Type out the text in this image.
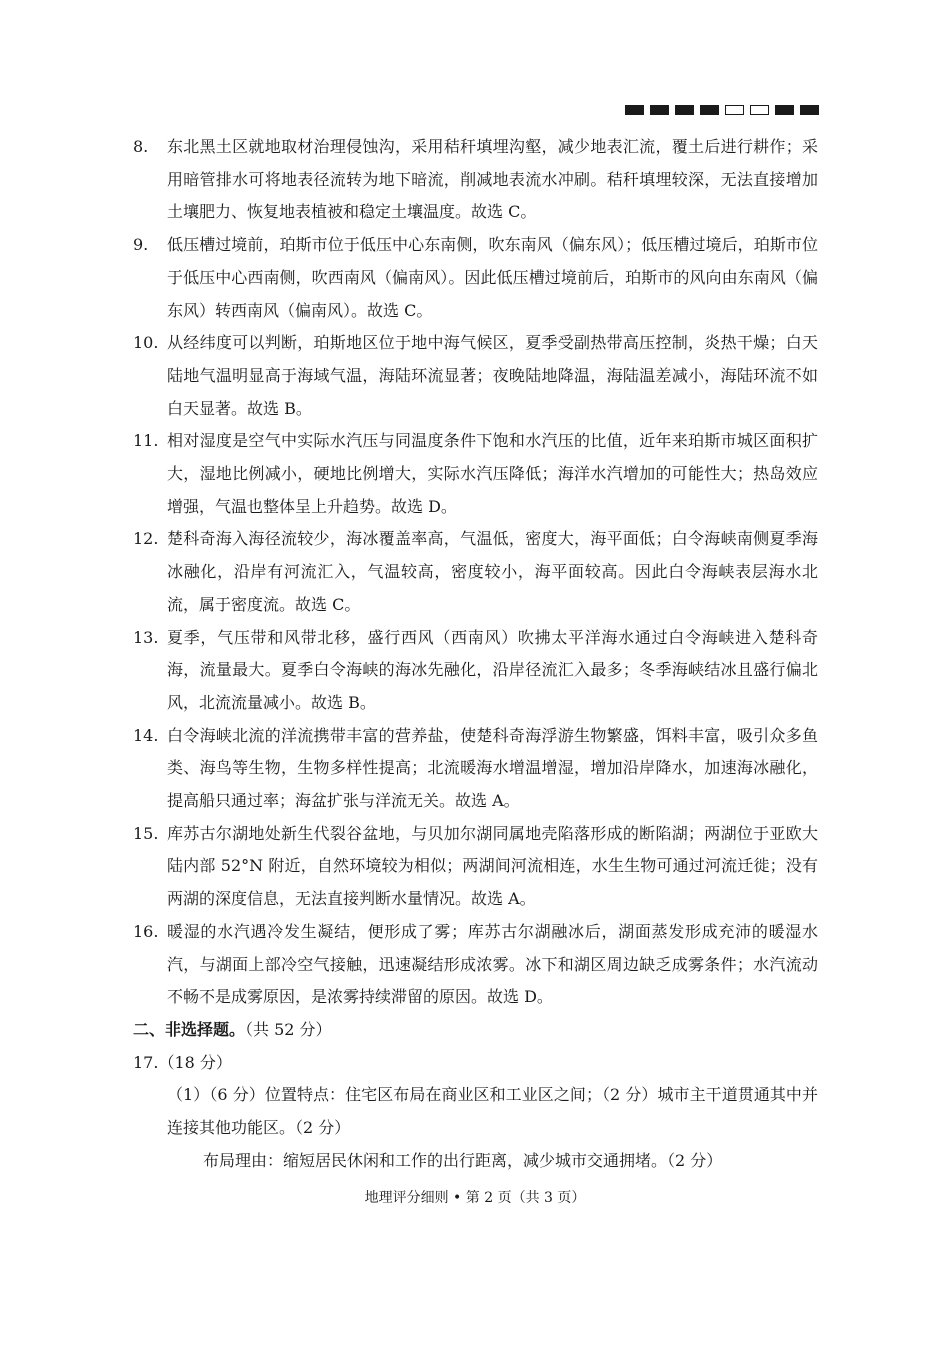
8.	东北黑土区就地取材治理侵蚀沟，采用秸秆填埋沟壑，减少地表汇流，覆土后进行耕作；采用暗管排水可将地表径流转为地下暗流，削减地表流水冲刷。秸秆填埋较深，无法直接增加土壤肥力、恢复地表植被和稳定土壤温度。故选 C。
9.	低压槽过境前，珀斯市位于低压中心东南侧，吹东南风（偏东风）；低压槽过境后，珀斯市位于低压中心西南侧，吹西南风（偏南风）。因此低压槽过境前后，珀斯市的风向由东南风（偏东风）转西南风（偏南风）。故选 C。
10. 从经纬度可以判断，珀斯地区位于地中海气候区，夏季受副热带高压控制，炎热干燥；白天陆地气温明显高于海域气温，海陆环流显著；夜晚陆地降温，海陆温差减小，海陆环流不如白天显著。故选 B。
11. 相对湿度是空气中实际水汽压与同温度条件下饱和水汽压的比值，近年来珀斯市城区面积扩大，湿地比例减小，硬地比例增大，实际水汽压降低；海洋水汽增加的可能性大；热岛效应增强，气温也整体呈上升趋势。故选 D。
12. 楚科奇海入海径流较少，海冰覆盖率高，气温低，密度大，海平面低；白令海峡南侧夏季海冰融化，沿岸有河流汇入，气温较高，密度较小，海平面较高。因此白令海峡表层海水北流，属于密度流。故选 C。
13. 夏季，气压带和风带北移，盛行西风（西南风）吹拂太平洋海水通过白令海峡进入楚科奇海，流量最大。夏季白令海峡的海冰先融化，沿岸径流汇入最多；冬季海峡结冰且盛行偏北风，北流流量减小。故选 B。
14. 白令海峡北流的洋流携带丰富的营养盐，使楚科奇海浮游生物繁盛，饵料丰富，吸引众多鱼类、海鸟等生物，生物多样性提高；北流暖海水增温增湿，增加沿岸降水，加速海冰融化，提高船只通过率；海盆扩张与洋流无关。故选 A。
15. 库苏古尔湖地处新生代裂谷盆地，与贝加尔湖同属地壳陷落形成的断陷湖；两湖位于亚欧大陆内部 52°N 附近，自然环境较为相似；两湖间河流相连，水生生物可通过河流迁徙；没有两湖的深度信息，无法直接判断水量情况。故选 A。
16. 暖湿的水汽遇冷发生凝结，便形成了雾；库苏古尔湖融冰后，湖面蒸发形成充沛的暖湿水汽，与湖面上部冷空气接触，迅速凝结形成浓雾。冰下和湖区周边缺乏成雾条件；水汽流动不畅不是成雾原因，是浓雾持续滞留的原因。故选 D。
二、非选择题。（共 52 分）
17.（18 分）
（1）（6 分）位置特点：住宅区布局在商业区和工业区之间；（2 分）城市主干道贯通其中并连接其他功能区。（2 分）
布局理由：缩短居民休闲和工作的出行距离，减少城市交通拥堵。（2 分）
地理评分细则 • 第 2 页（共 3 页）
